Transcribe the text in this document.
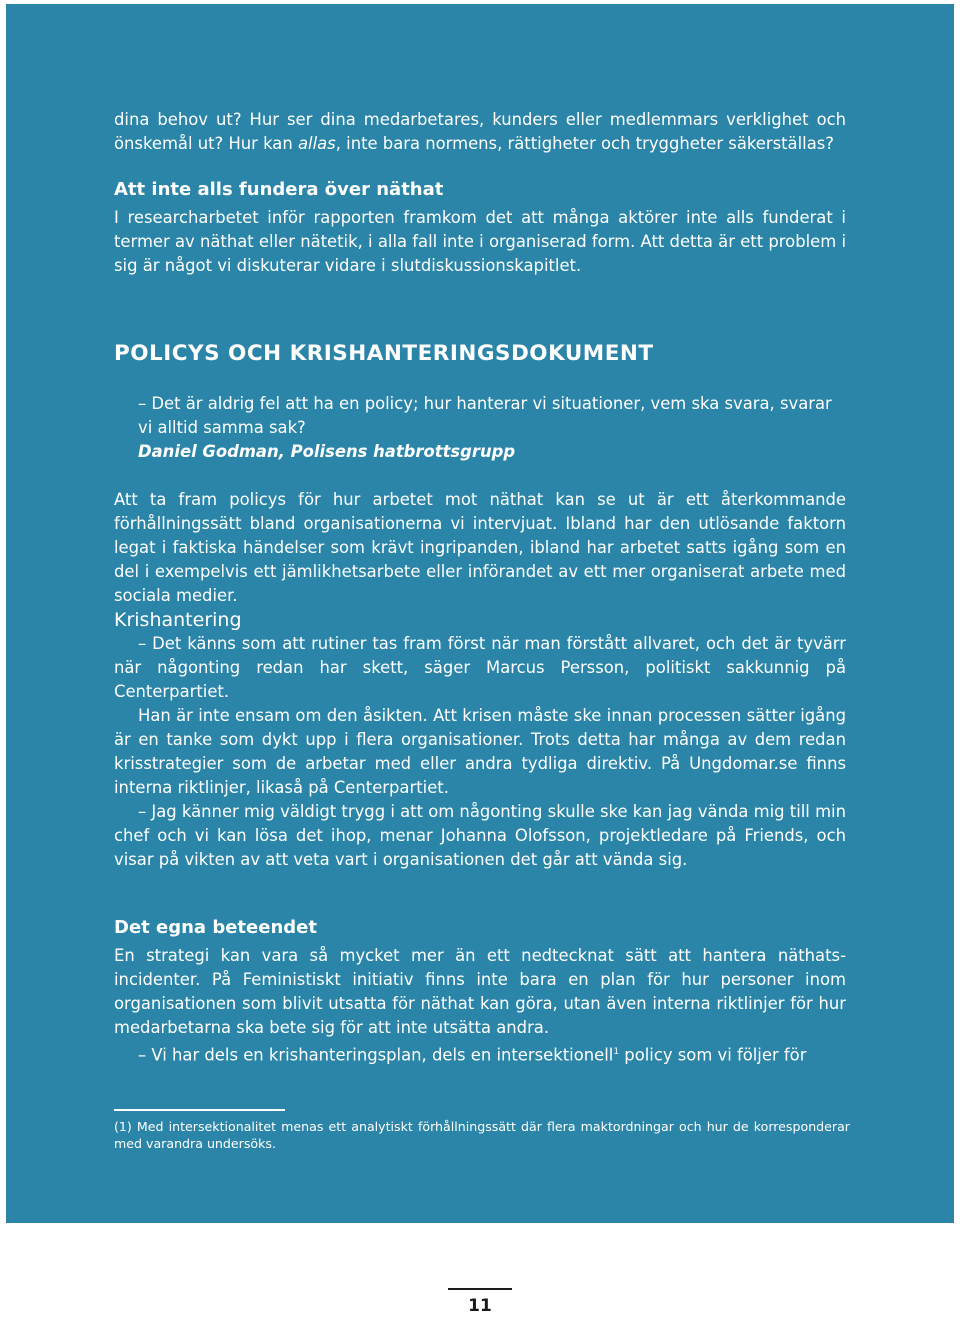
dina behov ut? Hur ser dina medarbetares, kunders eller medlemmars verklighet och önskemål ut? Hur kan allas, inte bara normens, rättigheter och tryggheter säkerställas?

Att inte alls fundera över näthat

I researcharbetet inför rapporten framkom det att många aktörer inte alls funderat i termer av näthat eller nätetik, i alla fall inte i organiserad form. Att detta är ett problem i sig är något vi diskuterar vidare i slutdiskussionskapitlet.

POLICYS OCH KRISHANTERINGSDOKUMENT

– Det är aldrig fel att ha en policy; hur hanterar vi situationer, vem ska svara, svarar vi alltid samma sak?

Daniel Godman, Polisens hatbrottsgrupp

Att ta fram policys för hur arbetet mot näthat kan se ut är ett återkommande förhållningssätt bland organisationerna vi intervjuat. Ibland har den utlösande faktorn legat i faktiska händelser som krävt ingripanden, ibland har arbetet satts igång som en del i exempelvis ett jämlikhetsarbete eller införandet av ett mer organiserat arbete med sociala medier.

Krishantering

– Det känns som att rutiner tas fram först när man förstått allvaret, och det är tyvärr när någonting redan har skett, säger Marcus Persson, politiskt sakkunnig på Centerpartiet.

Han är inte ensam om den åsikten. Att krisen måste ske innan processen sätter igång är en tanke som dykt upp i flera organisationer. Trots detta har många av dem redan krisstrategier som de arbetar med eller andra tydliga direktiv. På Ungdomar.se finns interna riktlinjer, likaså på Centerpartiet.

– Jag känner mig väldigt trygg i att om någonting skulle ske kan jag vända mig till min chef och vi kan lösa det ihop, menar Johanna Olofsson, projektledare på Friends, och visar på vikten av att veta vart i organisationen det går att vända sig.

Det egna beteendet

En strategi kan vara så mycket mer än ett nedtecknat sätt att hantera näthatsincidenter. På Feministiskt initiativ finns inte bara en plan för hur personer inom organisationen som blivit utsatta för näthat kan göra, utan även interna riktlinjer för hur medarbetarna ska bete sig för att inte utsätta andra.

– Vi har dels en krishanteringsplan, dels en intersektionell$^1$ policy som vi följer för

(1) Med intersektionalitet menas ett analytiskt förhållningssätt där flera maktordningar och hur de korresponderar med varandra undersöks.

11
